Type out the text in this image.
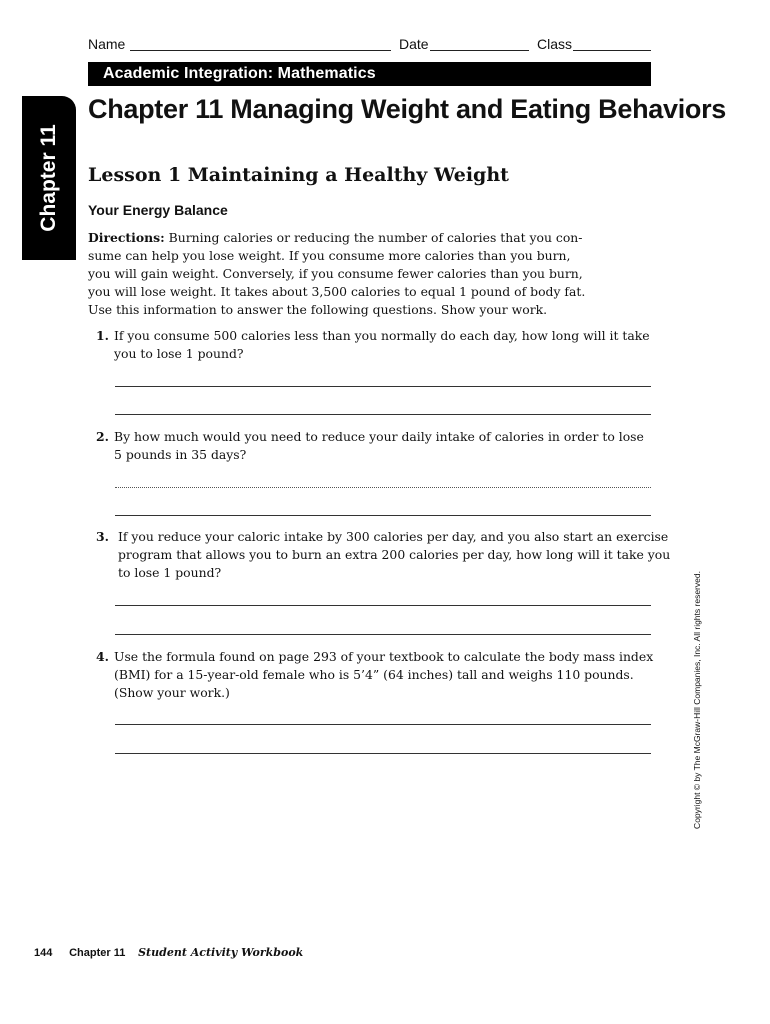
Name	Date	Class
Academic Integration: Mathematics
Chapter 11
Chapter 11 Managing Weight and Eating Behaviors
Lesson 1 Maintaining a Healthy Weight
Your Energy Balance

Directions: Burning calories or reducing the number of calories that you con-

sume can help you lose weight. If you consume more calories than you burn,

you will gain weight. Conversely, if you consume fewer calories than you burn,

you will lose weight. It takes about 3,500 calories to equal 1 pound of body fat.

Use this information to answer the following questions. Show your work.

1. If you consume 500 calories less than you normally do each day, how long will it take

you to lose 1 pound?

2. By how much would you need to reduce your daily intake of calories in order to lose

5 pounds in 35 days?

3. If you reduce your caloric intake by 300 calories per day, and you also start an exercise

program that allows you to burn an extra 200 calories per day, how long will it take you

to lose 1 pound?

4. Use the formula found on page 293 of your textbook to calculate the body mass index

(BMI) for a 15-year-old female who is 5’4” (64 inches) tall and weighs 110 pounds.

(Show your work.)	Copyright © by The McGraw-Hill Companies, Inc. All rights reserved.
144 Chapter 11 Student Activity Workbook
